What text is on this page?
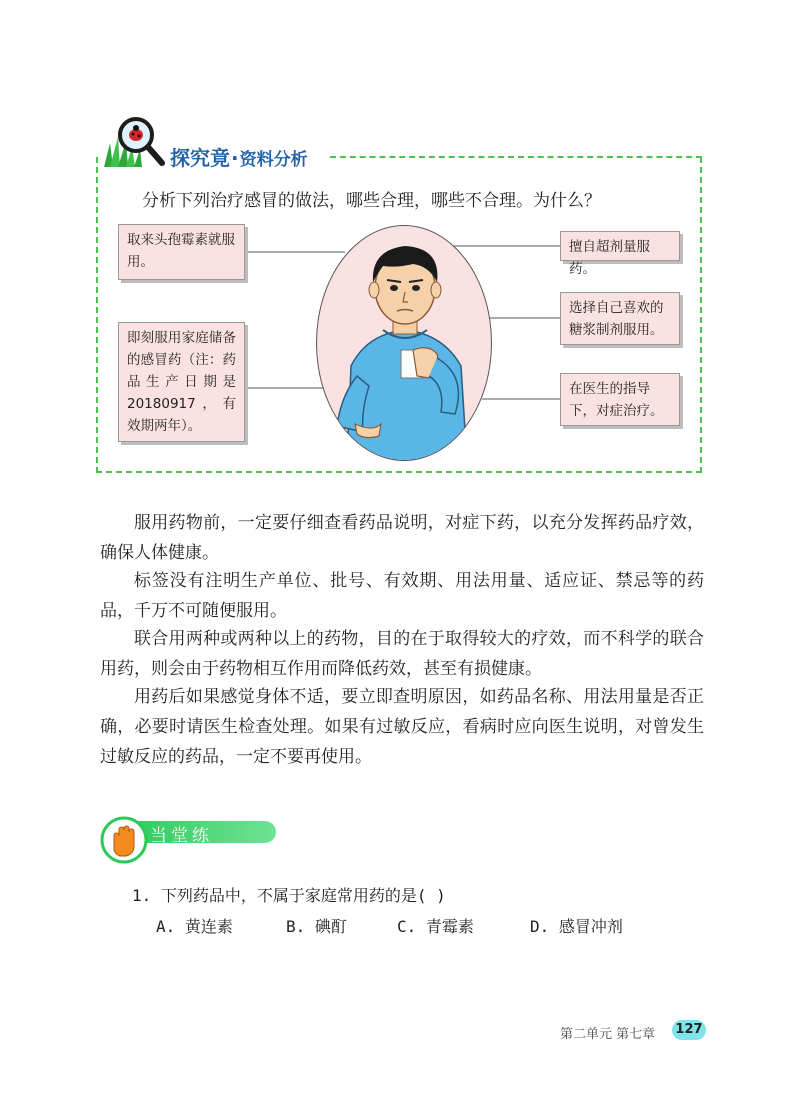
探究竟·资料分析
分析下列治疗感冒的做法，哪些合理，哪些不合理。为什么？
取来头孢霉素就服用。
即刻服用家庭储备的感冒药（注：药品生产日期是20180917，有效期两年）。
擅自超剂量服药。
选择自己喜欢的糖浆制剂服用。
在医生的指导下，对症治疗。
服用药物前，一定要仔细查看药品说明，对症下药，以充分发挥药品疗效，确保人体健康。
标签没有注明生产单位、批号、有效期、用法用量、适应证、禁忌等的药品，千万不可随便服用。
联合用两种或两种以上的药物，目的在于取得较大的疗效，而不科学的联合用药，则会由于药物相互作用而降低药效，甚至有损健康。
用药后如果感觉身体不适，要立即查明原因，如药品名称、用法用量是否正确，必要时请医生检查处理。如果有过敏反应，看病时应向医生说明，对曾发生过敏反应的药品，一定不要再使用。
当堂练
1. 下列药品中，不属于家庭常用药的是( )
A. 黄连素	B. 碘酊	C. 青霉素	D. 感冒冲剂
第二单元 第七章 127
